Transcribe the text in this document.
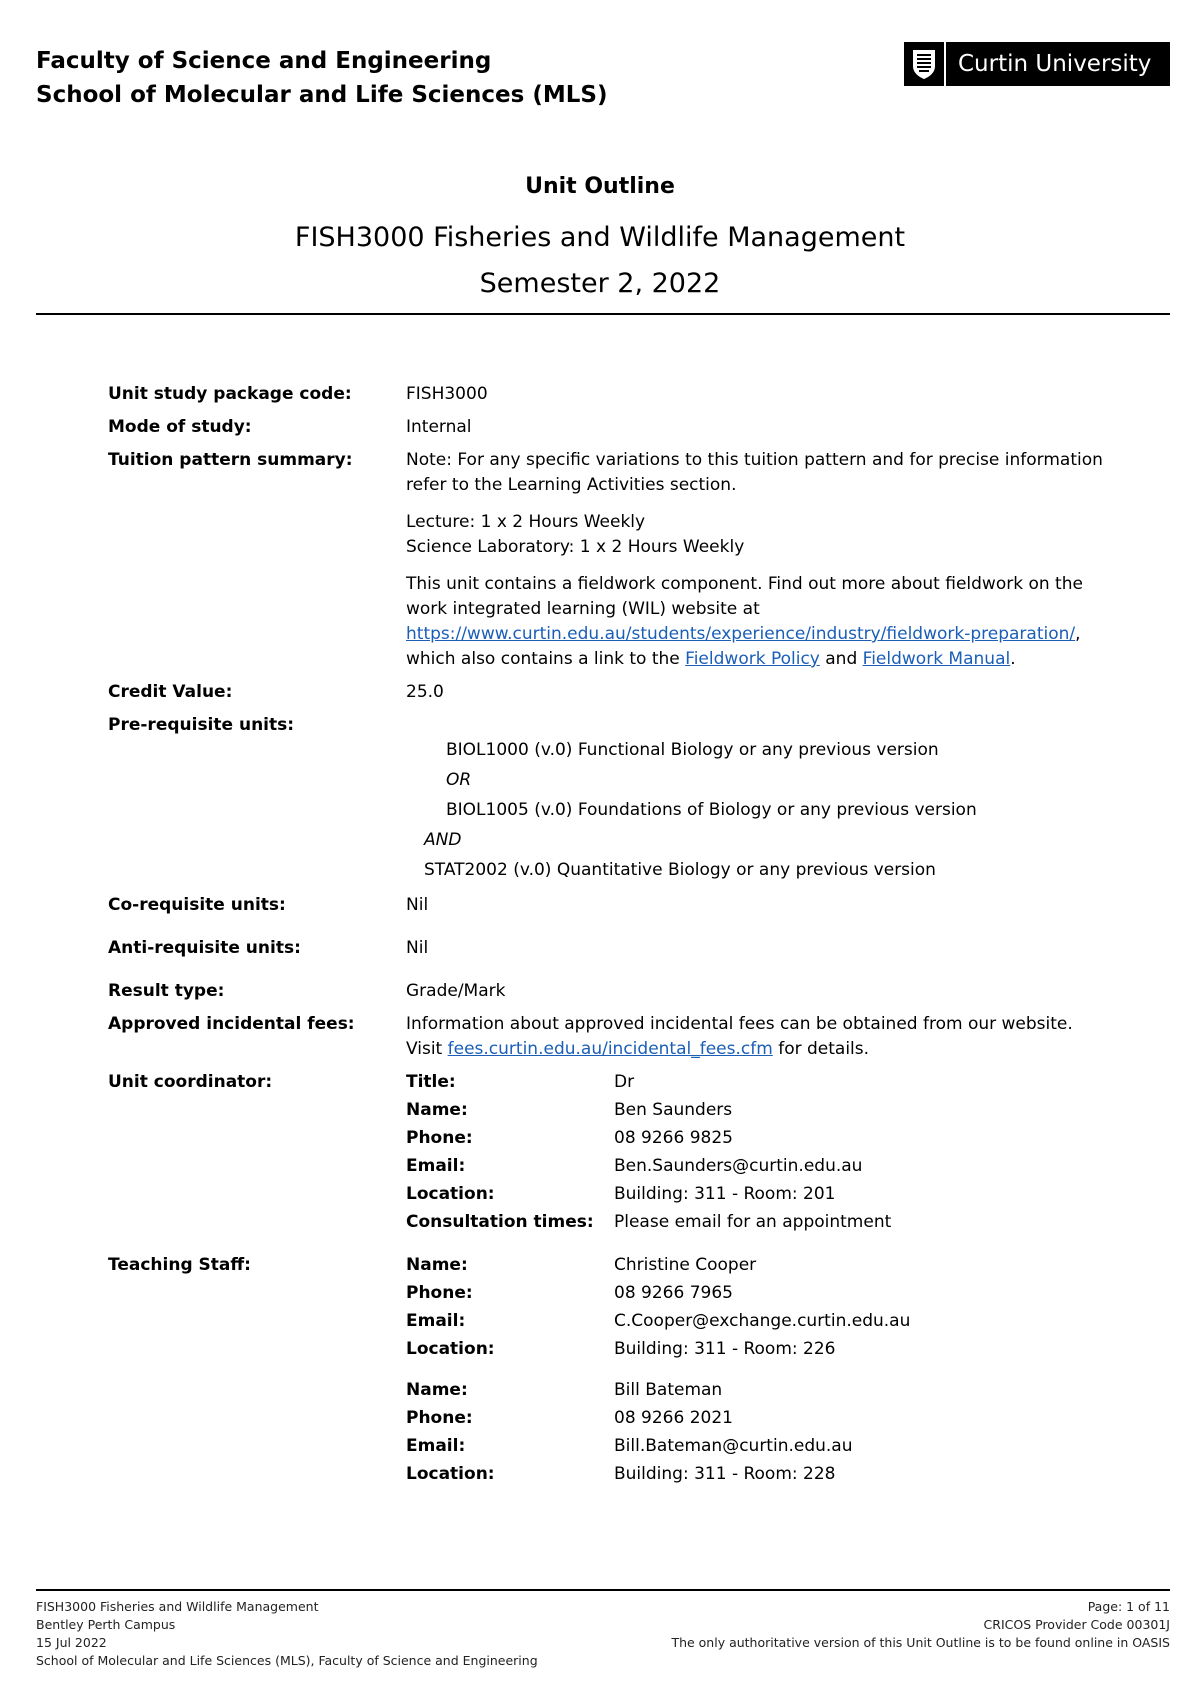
Faculty of Science and Engineering
School of Molecular and Life Sciences (MLS)
Curtin University
Unit Outline
FISH3000 Fisheries and Wildlife Management
Semester 2, 2022
Unit study package code:	FISH3000
Mode of study:	Internal
Tuition pattern summary:	Note: For any specific variations to this tuition pattern and for precise information refer to the Learning Activities section.

Lecture: 1 x 2 Hours Weekly
Science Laboratory: 1 x 2 Hours Weekly

This unit contains a fieldwork component. Find out more about fieldwork on the work integrated learning (WIL) website at https://www.curtin.edu.au/students/experience/industry/fieldwork-preparation/, which also contains a link to the Fieldwork Policy and Fieldwork Manual.

Credit Value:	25.0
Pre-requisite units:
BIOL1000 (v.0) Functional Biology or any previous version
OR
BIOL1005 (v.0) Foundations of Biology or any previous version
AND
STAT2002 (v.0) Quantitative Biology or any previous version
Co-requisite units:	Nil
Anti-requisite units:	Nil
Result type:	Grade/Mark
Approved incidental fees:	Information about approved incidental fees can be obtained from our website. Visit fees.curtin.edu.au/incidental_fees.cfm for details.
Unit coordinator:	Title:	Dr
Name:	Ben Saunders
Phone:	08 9266 9825
Email:	Ben.Saunders@curtin.edu.au
Location:	Building: 311 - Room: 201
Consultation times:	Please email for an appointment
Teaching Staff:	Name:	Christine Cooper
Phone:	08 9266 7965
Email:	C.Cooper@exchange.curtin.edu.au
Location:	Building: 311 - Room: 226
Name:	Bill Bateman
Phone:	08 9266 2021
Email:	Bill.Bateman@curtin.edu.au
Location:	Building: 311 - Room: 228
FISH3000 Fisheries and Wildlife Management
Bentley Perth Campus
15 Jul 2022
School of Molecular and Life Sciences (MLS), Faculty of Science and Engineering
Page: 1 of 11
CRICOS Provider Code 00301J
The only authoritative version of this Unit Outline is to be found online in OASIS
